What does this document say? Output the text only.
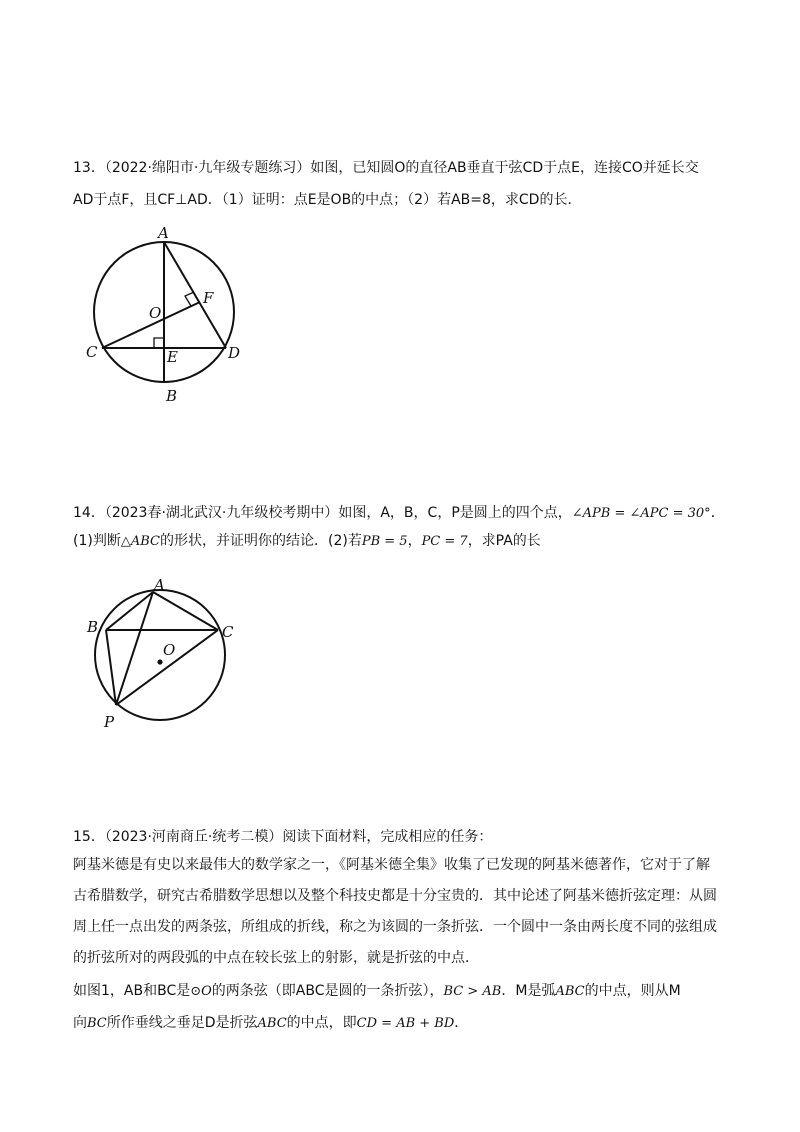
13．（2022·绵阳市·九年级专题练习）如图，已知圆O的直径AB垂直于弦CD于点E，连接CO并延长交
AD于点F，且CF⊥AD．（1）证明：点E是OB的中点；（2）若AB=8，求CD的长．
A
F
O
C	E	D
B
A
B	C
O
P
14．（2023春·湖北武汉·九年级校考期中）如图，A，B，C，P是圆上的四个点，∠APB = ∠APC = 30°．
(1)判断△ABC的形状，并证明你的结论．(2)若PB = 5，PC = 7，求PA的长
15．（2023·河南商丘·统考二模）阅读下面材料，完成相应的任务：
阿基米德是有史以来最伟大的数学家之一，《阿基米德全集》收集了已发现的阿基米德著作，它对于了解
古希腊数学，研究古希腊数学思想以及整个科技史都是十分宝贵的．其中论述了阿基米德折弦定理：从圆
周上任一点出发的两条弦，所组成的折线，称之为该圆的一条折弦．一个圆中一条由两长度不同的弦组成
的折弦所对的两段弧的中点在较长弦上的射影，就是折弦的中点．
如图1，AB和BC是⊙O的两条弦（即ABC是圆的一条折弦），BC > AB．M是弧ABC的中点，则从M
向BC所作垂线之垂足D是折弦ABC的中点，即CD = AB + BD．
